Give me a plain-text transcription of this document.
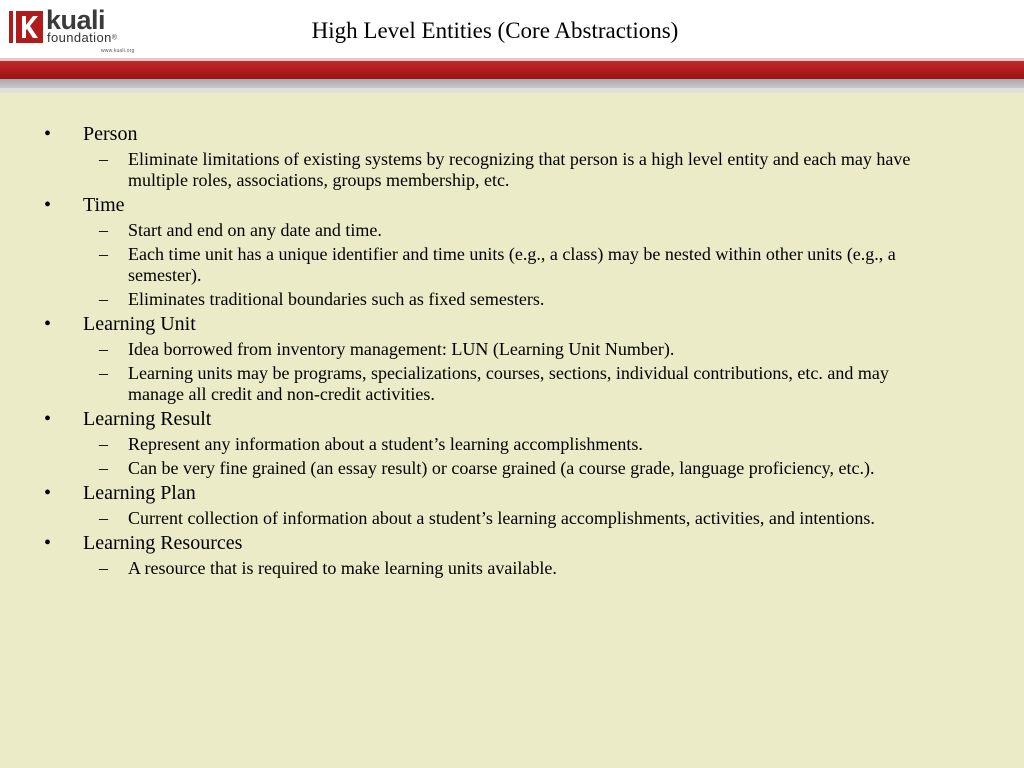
kuali
foundation®
www.kuali.org
High Level Entities (Core Abstractions)
• Person
– Eliminate limitations of existing systems by recognizing that person is a high level entity and each may have multiple roles, associations, groups membership, etc.
• Time
– Start and end on any date and time.
– Each time unit has a unique identifier and time units (e.g., a class) may be nested within other units (e.g., a semester).
– Eliminates traditional boundaries such as fixed semesters.
• Learning Unit
– Idea borrowed from inventory management: LUN (Learning Unit Number).
– Learning units may be programs, specializations, courses, sections, individual contributions, etc. and may manage all credit and non-credit activities.
• Learning Result
– Represent any information about a student’s learning accomplishments.
– Can be very fine grained (an essay result) or coarse grained (a course grade, language proficiency, etc.).
• Learning Plan
– Current collection of information about a student’s learning accomplishments, activities, and intentions.
• Learning Resources
– A resource that is required to make learning units available.
